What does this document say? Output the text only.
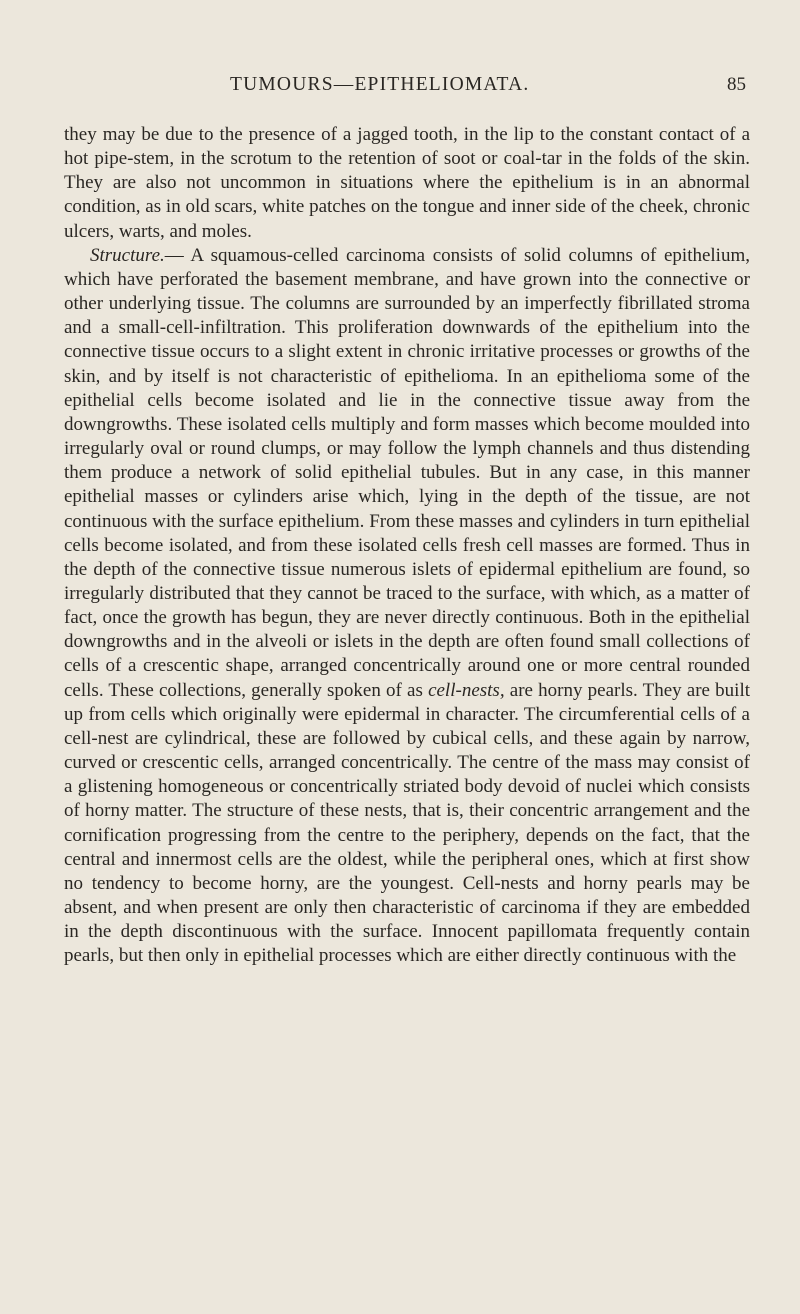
TUMOURS—EPITHELIOMATA.	85

they may be due to the presence of a jagged tooth, in the lip to the constant contact of a hot pipe-stem, in the scrotum to the retention of soot or coal-tar in the folds of the skin. They are also not uncommon in situations where the epithelium is in an abnormal condition, as in old scars, white patches on the tongue and inner side of the cheek, chronic ulcers, warts, and moles.

Structure.— A squamous-celled carcinoma consists of solid columns of epithelium, which have perforated the basement membrane, and have grown into the connective or other underlying tissue. The columns are surrounded by an imperfectly fibrillated stroma and a small-cell-infiltration. This proliferation downwards of the epithelium into the connective tissue occurs to a slight extent in chronic irritative processes or growths of the skin, and by itself is not characteristic of epithelioma. In an epithelioma some of the epithelial cells become isolated and lie in the connective tissue away from the downgrowths. These isolated cells multiply and form masses which become moulded into irregularly oval or round clumps, or may follow the lymph channels and thus distending them produce a network of solid epithelial tubules. But in any case, in this manner epithelial masses or cylinders arise which, lying in the depth of the tissue, are not continuous with the surface epithelium. From these masses and cylinders in turn epithelial cells become isolated, and from these isolated cells fresh cell masses are formed. Thus in the depth of the connective tissue numerous islets of epidermal epithelium are found, so irregularly distributed that they cannot be traced to the surface, with which, as a matter of fact, once the growth has begun, they are never directly continuous. Both in the epithelial downgrowths and in the alveoli or islets in the depth are often found small collections of cells of a crescentic shape, arranged concentrically around one or more central rounded cells. These collections, generally spoken of as cell-nests, are horny pearls. They are built up from cells which originally were epidermal in character. The circumferential cells of a cell-nest are cylindrical, these are followed by cubical cells, and these again by narrow, curved or crescentic cells, arranged concentrically. The centre of the mass may consist of a glistening homogeneous or concentrically striated body devoid of nuclei which consists of horny matter. The structure of these nests, that is, their concentric arrangement and the cornification progressing from the centre to the periphery, depends on the fact, that the central and innermost cells are the oldest, while the peripheral ones, which at first show no tendency to become horny, are the youngest. Cell-nests and horny pearls may be absent, and when present are only then characteristic of carcinoma if they are embedded in the depth discontinuous with the surface. Innocent papillomata frequently contain pearls, but then only in epithelial processes which are either directly continuous with the
